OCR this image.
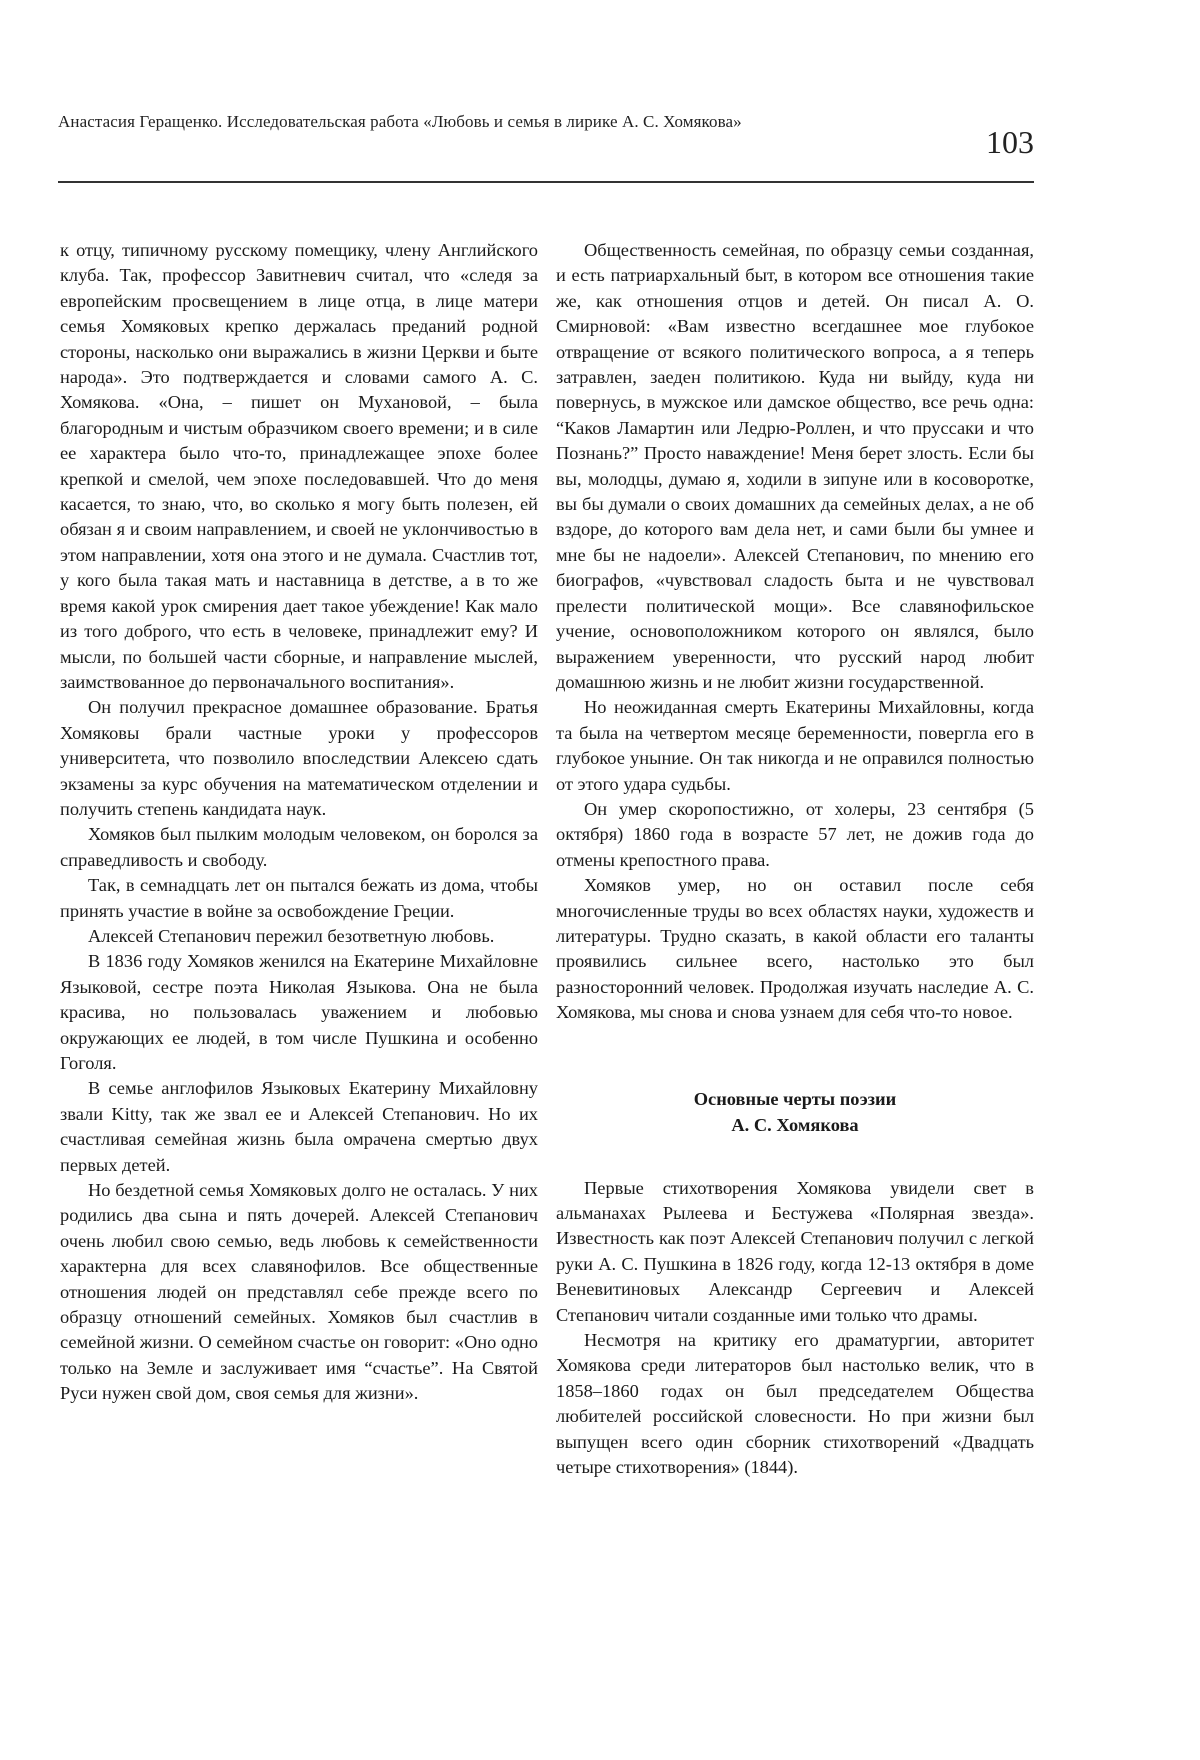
Анастасия Геращенко. Исследовательская работа «Любовь и семья в лирике А. С. Хомякова»
103

к отцу, типичному русскому помещику, члену Английского клуба. Так, профессор Завитневич считал, что «следя за европейским просвещением в лице отца, в лице матери семья Хомяковых крепко держалась преданий родной стороны, насколько они выражались в жизни Церкви и быте народа». Это подтверждается и словами самого А. С. Хомякова. «Она, – пишет он Мухановой, – была благородным и чистым образчиком своего времени; и в силе ее характера было что-то, принадлежащее эпохе более крепкой и смелой, чем эпохе последовавшей. Что до меня касается, то знаю, что, во сколько я могу быть полезен, ей обязан я и своим направлением, и своей не уклончивостью в этом направлении, хотя она этого и не думала. Счастлив тот, у кого была такая мать и наставница в детстве, а в то же время какой урок смирения дает такое убеждение! Как мало из того доброго, что есть в человеке, принадлежит ему? И мысли, по большей части сборные, и направление мыслей, заимствованное до первоначального воспитания».

Он получил прекрасное домашнее образование. Братья Хомяковы брали частные уроки у профессоров университета, что позволило впоследствии Алексею сдать экзамены за курс обучения на математическом отделении и получить степень кандидата наук.

Хомяков был пылким молодым человеком, он боролся за справедливость и свободу.

Так, в семнадцать лет он пытался бежать из дома, чтобы принять участие в войне за освобождение Греции.

Алексей Степанович пережил безответную любовь.

В 1836 году Хомяков женился на Екатерине Михайловне Языковой, сестре поэта Николая Языкова. Она не была красива, но пользовалась уважением и любовью окружающих ее людей, в том числе Пушкина и особенно Гоголя.

В семье англофилов Языковых Екатерину Михайловну звали Kitty, так же звал ее и Алексей Степанович. Но их счастливая семейная жизнь была омрачена смертью двух первых детей.

Но бездетной семья Хомяковых долго не осталась. У них родились два сына и пять дочерей. Алексей Степанович очень любил свою семью, ведь любовь к семейственности характерна для всех славянофилов. Все общественные отношения людей он представлял себе прежде всего по образцу отношений семейных. Хомяков был счастлив в семейной жизни. О семейном счастье он говорит: «Оно одно только на Земле и заслуживает имя “счастье”. На Святой Руси нужен свой дом, своя семья для жизни».

Общественность семейная, по образцу семьи созданная, и есть патриархальный быт, в котором все отношения такие же, как отношения отцов и детей. Он писал А. О. Смирновой: «Вам известно всегдашнее мое глубокое отвращение от всякого политического вопроса, а я теперь затравлен, заеден политикою. Куда ни выйду, куда ни повернусь, в мужское или дамское общество, все речь одна: “Каков Ламартин или Ледрю-Роллен, и что пруссаки и что Познань?” Просто наваждение! Меня берет злость. Если бы вы, молодцы, думаю я, ходили в зипуне или в косоворотке, вы бы думали о своих домашних да семейных делах, а не об вздоре, до которого вам дела нет, и сами были бы умнее и мне бы не надоели». Алексей Степанович, по мнению его биографов, «чувствовал сладость быта и не чувствовал прелести политической мощи». Все славянофильское учение, основоположником которого он являлся, было выражением уверенности, что русский народ любит домашнюю жизнь и не любит жизни государственной.

Но неожиданная смерть Екатерины Михайловны, когда та была на четвертом месяце беременности, повергла его в глубокое уныние. Он так никогда и не оправился полностью от этого удара судьбы.

Он умер скоропостижно, от холеры, 23 сентября (5 октября) 1860 года в возрасте 57 лет, не дожив года до отмены крепостного права.

Хомяков умер, но он оставил после себя многочисленные труды во всех областях науки, художеств и литературы. Трудно сказать, в какой области его таланты проявились сильнее всего, настолько это был разносторонний человек. Продолжая изучать наследие А. С. Хомякова, мы снова и снова узнаем для себя что-то новое.

Основные черты поэзии
А. С. Хомякова

Первые стихотворения Хомякова увидели свет в альманахах Рылеева и Бестужева «Полярная звезда». Известность как поэт Алексей Степанович получил с легкой руки А. С. Пушкина в 1826 году, когда 12-13 октября в доме Веневитиновых Александр Сергеевич и Алексей Степанович читали созданные ими только что драмы.

Несмотря на критику его драматургии, авторитет Хомякова среди литераторов был настолько велик, что в 1858–1860 годах он был председателем Общества любителей российской словесности. Но при жизни был выпущен всего один сборник стихотворений «Двадцать четыре стихотворения» (1844).
